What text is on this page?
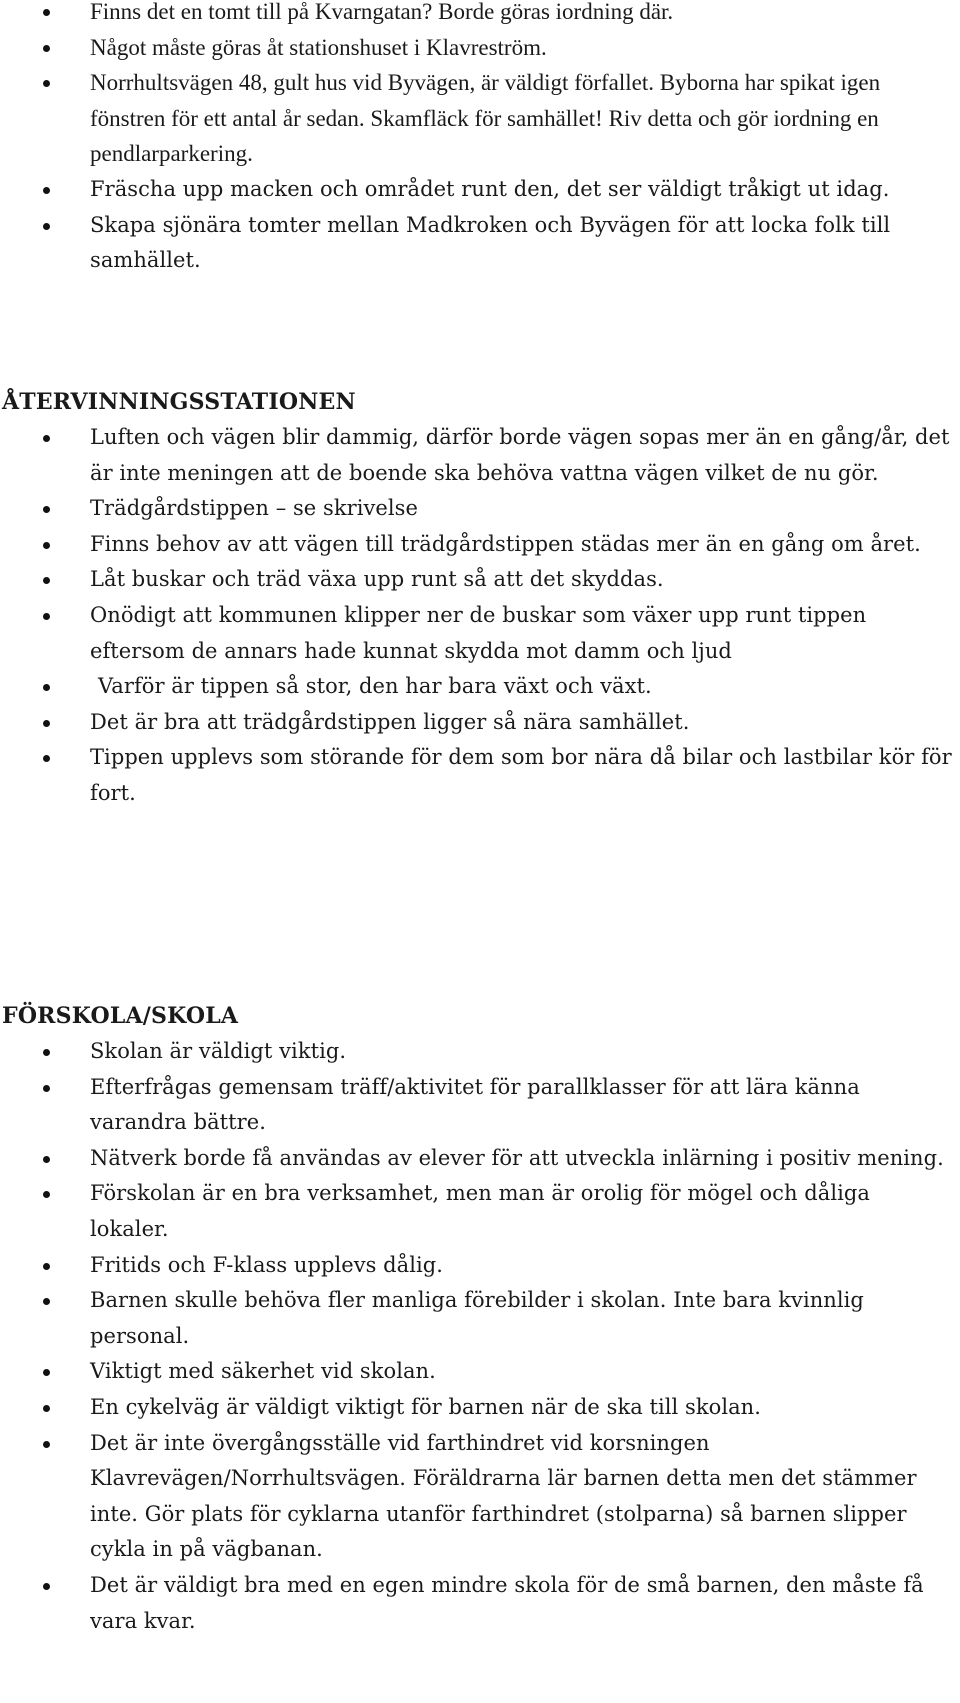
Finns det en tomt till på Kvarngatan? Borde göras iordning där.
Något måste göras åt stationshuset i Klavreström.
Norrhultsvägen 48, gult hus vid Byvägen, är väldigt förfallet. Byborna har spikat igen fönstren för ett antal år sedan. Skamfläck för samhället! Riv detta och gör iordning en pendlarparkering.
Fräscha upp macken och området runt den, det ser väldigt tråkigt ut idag.
Skapa sjönära tomter mellan Madkroken och Byvägen för att locka folk till samhället.
ÅTERVINNINGSSTATIONEN
Luften och vägen blir dammig, därför borde vägen sopas mer än en gång/år, det är inte meningen att de boende ska behöva vattna vägen vilket de nu gör.
Trädgårdstippen – se skrivelse
Finns behov av att vägen till trädgårdstippen städas mer än en gång om året.
Låt buskar och träd växa upp runt så att det skyddas.
Onödigt att kommunen klipper ner de buskar som växer upp runt tippen eftersom de annars hade kunnat skydda mot damm och ljud
Varför är tippen så stor, den har bara växt och växt.
Det är bra att trädgårdstippen ligger så nära samhället.
Tippen upplevs som störande för dem som bor nära då bilar och lastbilar kör för fort.
FÖRSKOLA/SKOLA
Skolan är väldigt viktig.
Efterfrågas gemensam träff/aktivitet för parallklasser för att lära känna varandra bättre.
Nätverk borde få användas av elever för att utveckla inlärning i positiv mening.
Förskolan är en bra verksamhet, men man är orolig för mögel och dåliga lokaler.
Fritids och F-klass upplevs dålig.
Barnen skulle behöva fler manliga förebilder i skolan. Inte bara kvinnlig personal.
Viktigt med säkerhet vid skolan.
En cykelväg är väldigt viktigt för barnen när de ska till skolan.
Det är inte övergångsställe vid farthindret vid korsningen Klavrevägen/Norrhultsvägen. Föräldrarna lär barnen detta men det stämmer inte. Gör plats för cyklarna utanför farthindret (stolparna) så barnen slipper cykla in på vägbanan.
Det är väldigt bra med en egen mindre skola för de små barnen, den måste få vara kvar.
